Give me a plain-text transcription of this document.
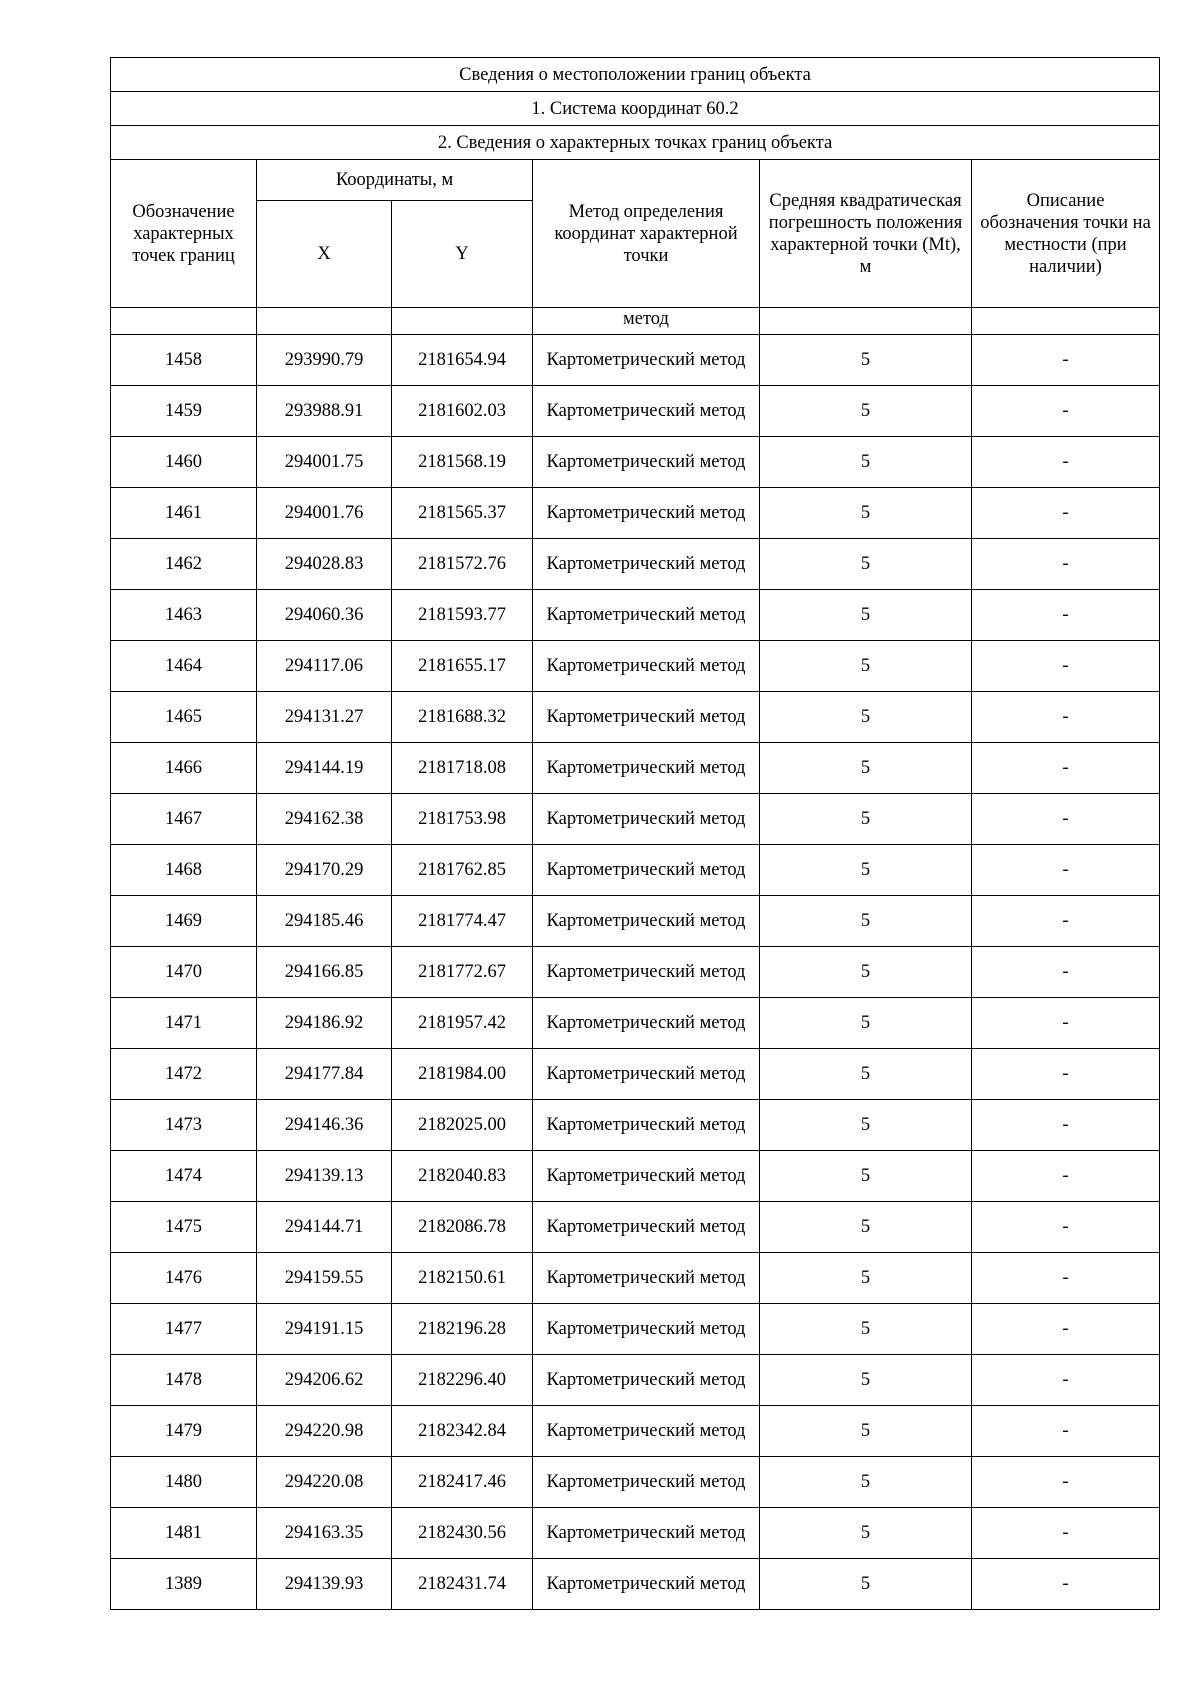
Сведения о местоположении границ объекта					
1. Система координат 60.2					
2. Сведения о характерных точках границ объекта					
Обозначение характерных точек границ	Координаты, м		Метод определения координат характерной точки	Средняя квадратическая погрешность положения характерной точки (Mt), м	Описание обозначения точки на местности (при наличии)
	X	Y			
			метод		
1458	293990.79	2181654.94	Картометрический метод	5	-
1459	293988.91	2181602.03	Картометрический метод	5	-
1460	294001.75	2181568.19	Картометрический метод	5	-
1461	294001.76	2181565.37	Картометрический метод	5	-
1462	294028.83	2181572.76	Картометрический метод	5	-
1463	294060.36	2181593.77	Картометрический метод	5	-
1464	294117.06	2181655.17	Картометрический метод	5	-
1465	294131.27	2181688.32	Картометрический метод	5	-
1466	294144.19	2181718.08	Картометрический метод	5	-
1467	294162.38	2181753.98	Картометрический метод	5	-
1468	294170.29	2181762.85	Картометрический метод	5	-
1469	294185.46	2181774.47	Картометрический метод	5	-
1470	294166.85	2181772.67	Картометрический метод	5	-
1471	294186.92	2181957.42	Картометрический метод	5	-
1472	294177.84	2181984.00	Картометрический метод	5	-
1473	294146.36	2182025.00	Картометрический метод	5	-
1474	294139.13	2182040.83	Картометрический метод	5	-
1475	294144.71	2182086.78	Картометрический метод	5	-
1476	294159.55	2182150.61	Картометрический метод	5	-
1477	294191.15	2182196.28	Картометрический метод	5	-
1478	294206.62	2182296.40	Картометрический метод	5	-
1479	294220.98	2182342.84	Картометрический метод	5	-
1480	294220.08	2182417.46	Картометрический метод	5	-
1481	294163.35	2182430.56	Картометрический метод	5	-
1389	294139.93	2182431.74	Картометрический метод	5	-
